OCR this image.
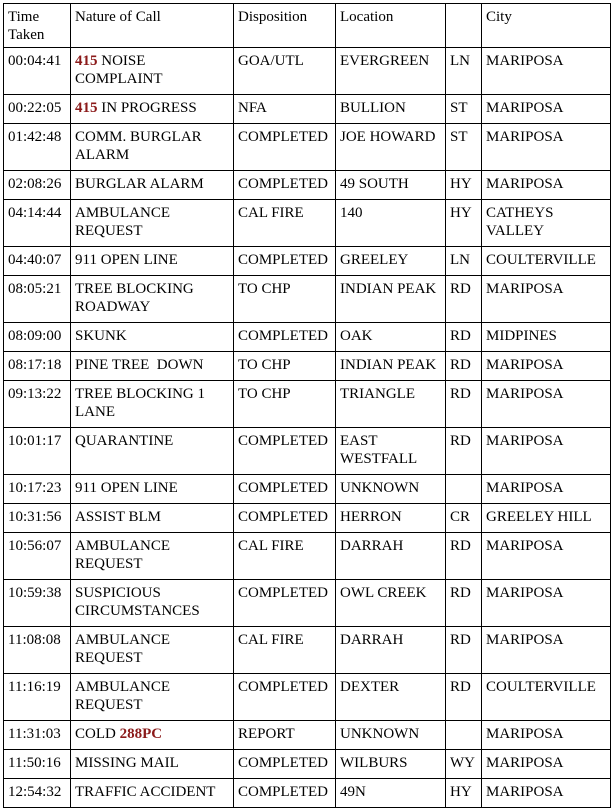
Time Taken	Nature of Call	Disposition	Location		City
00:04:41	415 NOISE COMPLAINT	GOA/UTL	EVERGREEN	LN	MARIPOSA
00:22:05	415 IN PROGRESS	NFA	BULLION	ST	MARIPOSA
01:42:48	COMM. BURGLAR ALARM	COMPLETED	JOE HOWARD	ST	MARIPOSA
02:08:26	BURGLAR ALARM	COMPLETED	49 SOUTH	HY	MARIPOSA
04:14:44	AMBULANCE REQUEST	CAL FIRE	140	HY	CATHEYS VALLEY
04:40:07	911 OPEN LINE	COMPLETED	GREELEY	LN	COULTERVILLE
08:05:21	TREE BLOCKING ROADWAY	TO CHP	INDIAN PEAK	RD	MARIPOSA
08:09:00	SKUNK	COMPLETED	OAK	RD	MIDPINES
08:17:18	PINE TREE  DOWN	TO CHP	INDIAN PEAK	RD	MARIPOSA
09:13:22	TREE BLOCKING 1 LANE	TO CHP	TRIANGLE	RD	MARIPOSA
10:01:17	QUARANTINE	COMPLETED	EAST WESTFALL	RD	MARIPOSA
10:17:23	911 OPEN LINE	COMPLETED	UNKNOWN		MARIPOSA
10:31:56	ASSIST BLM	COMPLETED	HERRON	CR	GREELEY HILL
10:56:07	AMBULANCE REQUEST	CAL FIRE	DARRAH	RD	MARIPOSA
10:59:38	SUSPICIOUS CIRCUMSTANCES	COMPLETED	OWL CREEK	RD	MARIPOSA
11:08:08	AMBULANCE REQUEST	CAL FIRE	DARRAH	RD	MARIPOSA
11:16:19	AMBULANCE REQUEST	COMPLETED	DEXTER	RD	COULTERVILLE
11:31:03	COLD 288PC	REPORT	UNKNOWN		MARIPOSA
11:50:16	MISSING MAIL	COMPLETED	WILBURS	WY	MARIPOSA
12:54:32	TRAFFIC ACCIDENT	COMPLETED	49N	HY	MARIPOSA
